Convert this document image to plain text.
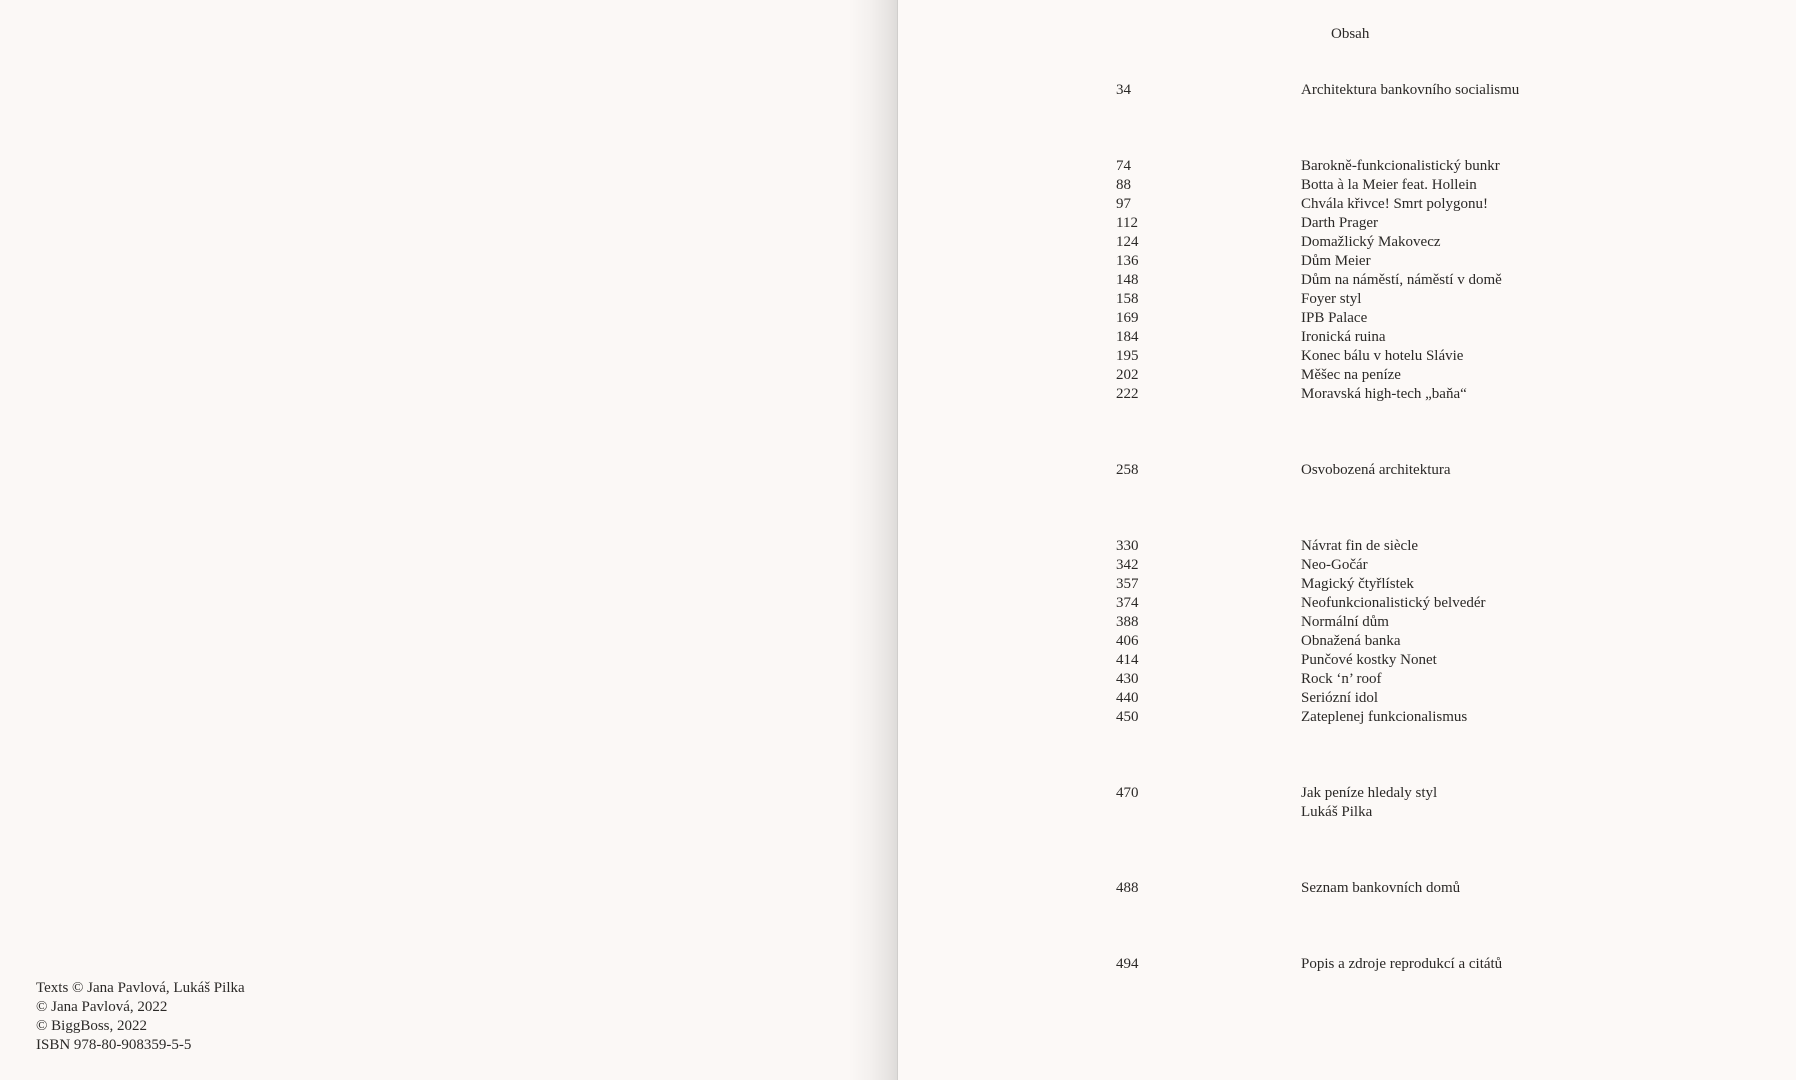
Texts © Jana Pavlová, Lukáš Pilka
© Jana Pavlová, 2022
© BiggBoss, 2022
ISBN 978-80-908359-5-5
Obsah
34	Architektura bankovního socialismu
74	Barokně-funkcionalistický bunkr
88	Botta à la Meier feat. Hollein
97	Chvála křivce! Smrt polygonu!
112	Darth Prager
124	Domažlický Makovecz
136	Dům Meier
148	Dům na náměstí, náměstí v domě
158	Foyer styl
169	IPB Palace
184	Ironická ruina
195	Konec bálu v hotelu Slávie
202	Měšec na peníze
222	Moravská high-tech „baňa“
258	Osvobozená architektura
330	Návrat fin de siècle
342	Neo-Gočár
357	Magický čtyřlístek
374	Neofunkcionalistický belvedér
388	Normální dům
406	Obnažená banka
414	Punčové kostky Nonet
430	Rock ‘n’ roof
440	Seriózní idol
450	Zateplenej funkcionalismus
470	Jak peníze hledaly styl
Lukáš Pilka
488	Seznam bankovních domů
494	Popis a zdroje reprodukcí a citátů
